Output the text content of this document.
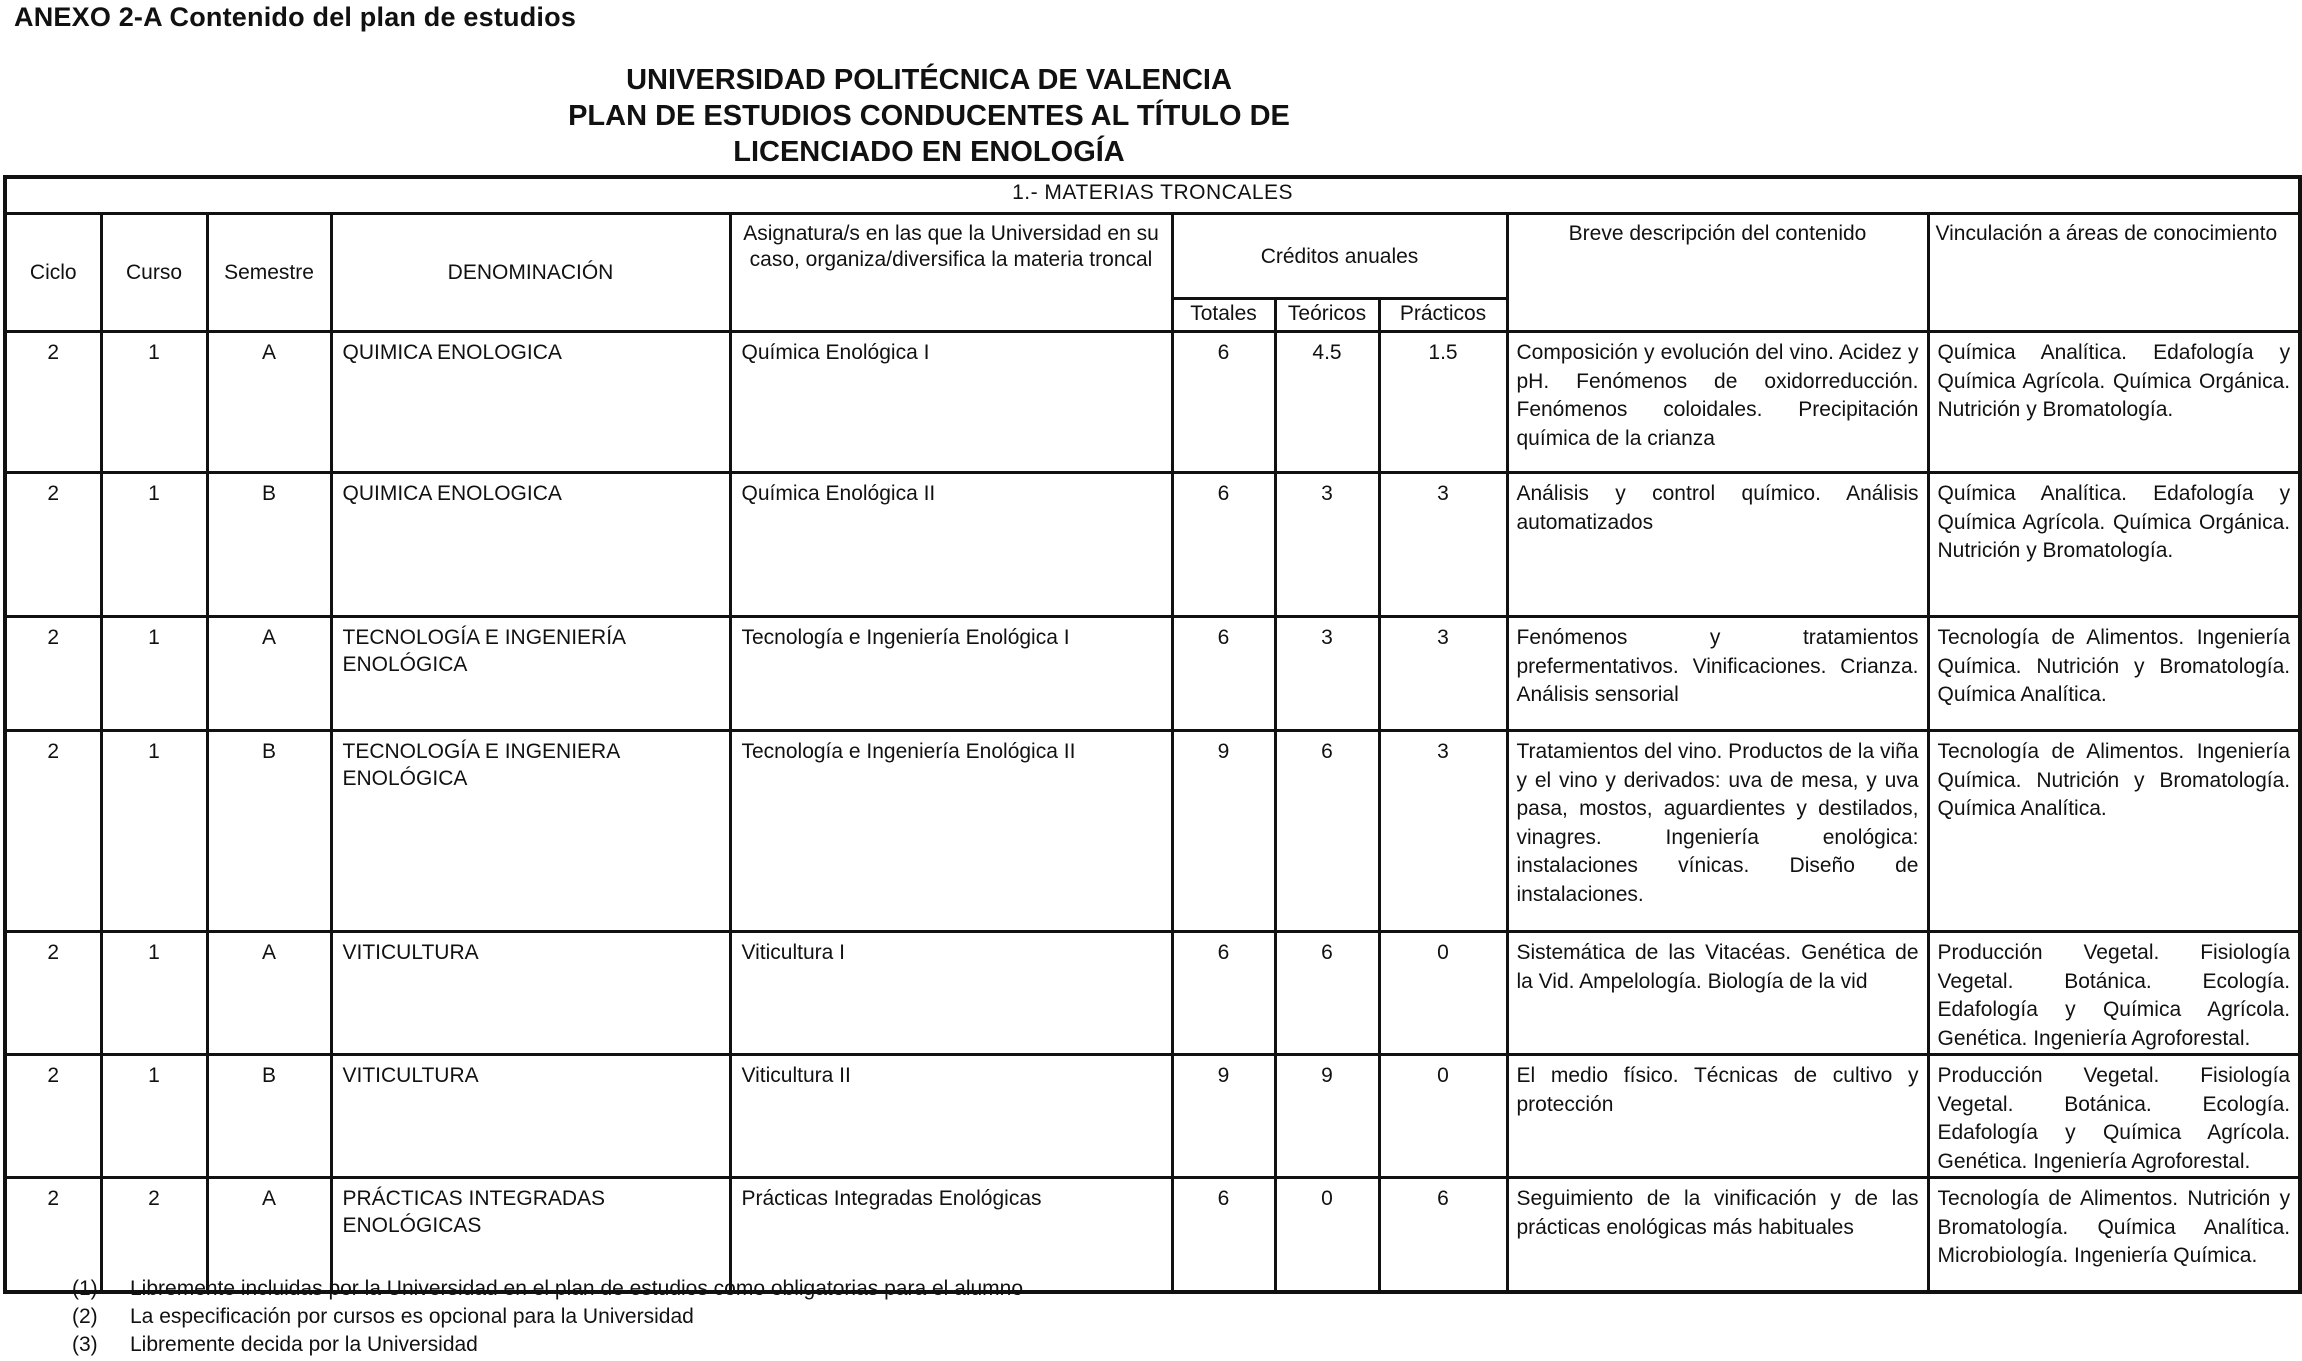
ANEXO 2-A Contenido del plan de estudios
UNIVERSIDAD POLITÉCNICA DE VALENCIA
PLAN DE ESTUDIOS CONDUCENTES AL TÍTULO DE
LICENCIADO EN ENOLOGÍA
1.- MATERIAS TRONCALES									
Ciclo	Curso	Semestre	DENOMINACIÓN	Asignatura/s en las que la Universidad en su caso, organiza/diversifica la materia troncal	Créditos anuales			Breve descripción del contenido	Vinculación a áreas de conocimiento
					Totales	Teóricos	Prácticos		
2	1	A	QUIMICA ENOLOGICA	Química Enológica I	6	4.5	1.5	Composición y evolución del vino. Acidez y pH. Fenómenos de oxidorreducción. Fenómenos coloidales. Precipitación química de la crianza	Química Analítica. Edafología y Química Agrícola. Química Orgánica. Nutrición y Bromatología.
2	1	B	QUIMICA ENOLOGICA	Química Enológica II	6	3	3	Análisis y control químico. Análisis automatizados	Química Analítica. Edafología y Química Agrícola. Química Orgánica. Nutrición y Bromatología.
2	1	A	TECNOLOGÍA E INGENIERÍA ENOLÓGICA	Tecnología e Ingeniería Enológica I	6	3	3	Fenómenos y tratamientos prefermentativos. Vinificaciones. Crianza. Análisis sensorial	Tecnología de Alimentos. Ingeniería Química. Nutrición y Bromatología. Química Analítica.
2	1	B	TECNOLOGÍA E INGENIERA ENOLÓGICA	Tecnología e Ingeniería Enológica II	9	6	3	Tratamientos del vino. Productos de la viña y el vino y derivados: uva de mesa, y uva pasa, mostos, aguardientes y destilados, vinagres. Ingeniería enológica: instalaciones vínicas. Diseño de instalaciones.	Tecnología de Alimentos. Ingeniería Química. Nutrición y Bromatología. Química Analítica.
2	1	A	VITICULTURA	Viticultura I	6	6	0	Sistemática de las Vitacéas. Genética de la Vid. Ampelología. Biología de la vid	Producción Vegetal. Fisiología Vegetal. Botánica. Ecología. Edafología y Química Agrícola. Genética. Ingeniería Agroforestal.
2	1	B	VITICULTURA	Viticultura II	9	9	0	El medio físico. Técnicas de cultivo y protección	Producción Vegetal. Fisiología Vegetal. Botánica. Ecología. Edafología y Química Agrícola. Genética. Ingeniería Agroforestal.
2	2	A	PRÁCTICAS INTEGRADAS ENOLÓGICAS	Prácticas Integradas Enológicas	6	0	6	Seguimiento de la vinificación y de las prácticas enológicas más habituales	Tecnología de Alimentos. Nutrición y Bromatología. Química Analítica. Microbiología. Ingeniería Química.
(1) Libremente incluidas por la Universidad en el plan de estudios como obligatorias para el alumno
(2) La especificación por cursos es opcional para la Universidad
(3) Libremente decida por la Universidad
